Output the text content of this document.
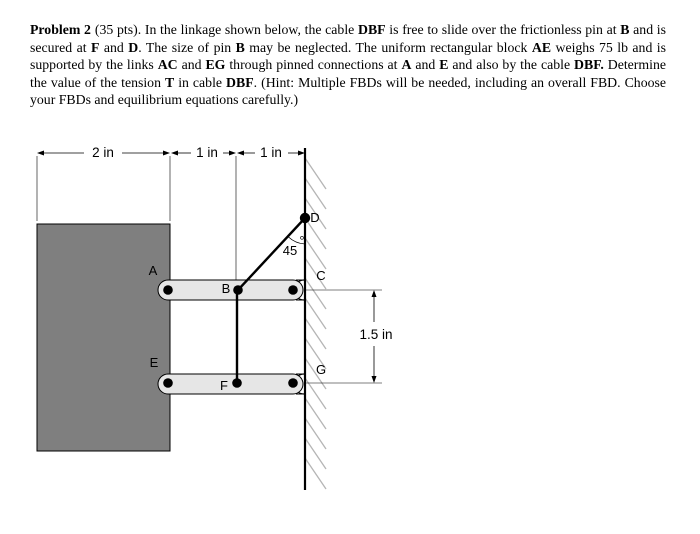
Problem 2 (35 pts). In the linkage shown below, the cable DBF is free to slide over the frictionless pin at B and is secured at F and D. The size of pin B may be neglected. The uniform rectangular block AE weighs 75 lb and is supported by the links AC and EG through pinned connections at A and E and also by the cable DBF. Determine the value of the tension T in cable DBF. (Hint: Multiple FBDs will be needed, including an overall FBD. Choose your FBDs and equilibrium equations carefully.)
2 in	1 in	1 in
45
°
1.5 in
A
B
C
D
E
F
G
